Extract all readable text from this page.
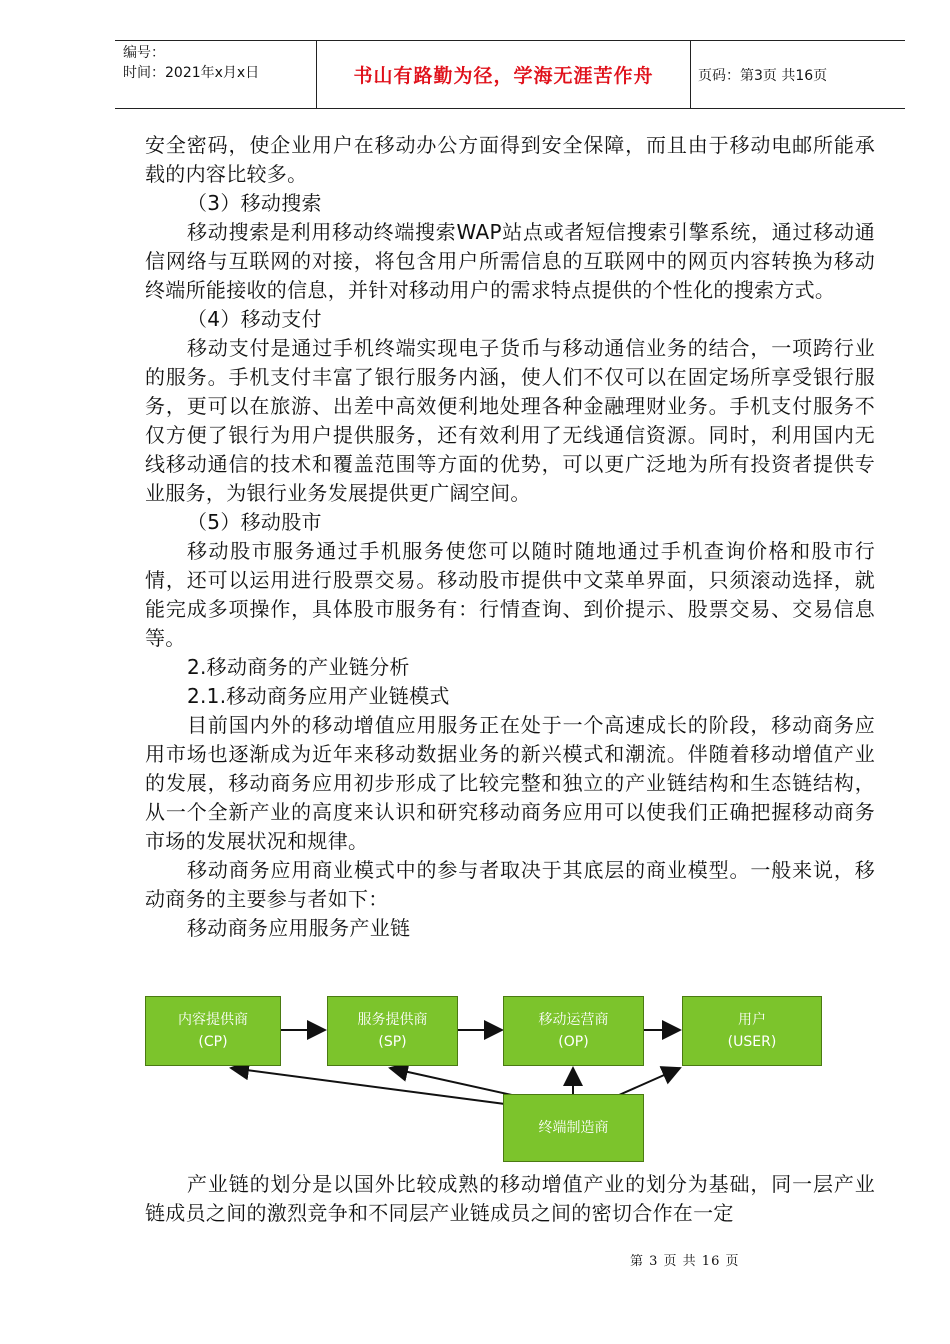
编号：
时间：2021年x月x日	书山有路勤为径，学海无涯苦作舟	页码：第3页 共16页

安全密码，使企业用户在移动办公方面得到安全保障，而且由于移动电邮所能承载的内容比较多。

（3）移动搜索

移动搜索是利用移动终端搜索WAP站点或者短信搜索引擎系统，通过移动通信网络与互联网的对接，将包含用户所需信息的互联网中的网页内容转换为移动终端所能接收的信息，并针对移动用户的需求特点提供的个性化的搜索方式。

（4）移动支付

移动支付是通过手机终端实现电子货币与移动通信业务的结合，一项跨行业的服务。手机支付丰富了银行服务内涵，使人们不仅可以在固定场所享受银行服务，更可以在旅游、出差中高效便利地处理各种金融理财业务。手机支付服务不仅方便了银行为用户提供服务，还有效利用了无线通信资源。同时，利用国内无线移动通信的技术和覆盖范围等方面的优势，可以更广泛地为所有投资者提供专业服务，为银行业务发展提供更广阔空间。

（5）移动股市

移动股市服务通过手机服务使您可以随时随地通过手机查询价格和股市行情，还可以运用进行股票交易。移动股市提供中文菜单界面，只须滚动选择，就能完成多项操作，具体股市服务有：行情查询、到价提示、股票交易、交易信息等。

2.移动商务的产业链分析

2.1.移动商务应用产业链模式

目前国内外的移动增值应用服务正在处于一个高速成长的阶段，移动商务应用市场也逐渐成为近年来移动数据业务的新兴模式和潮流。伴随着移动增值产业的发展，移动商务应用初步形成了比较完整和独立的产业链结构和生态链结构，从一个全新产业的高度来认识和研究移动商务应用可以使我们正确把握移动商务市场的发展状况和规律。

移动商务应用商业模式中的参与者取决于其底层的商业模型。一般来说，移动商务的主要参与者如下：

移动商务应用服务产业链

内容提供商
(CP)
服务提供商
(SP)
移动运营商
(OP)
用户
(USER)
终端制造商

产业链的划分是以国外比较成熟的移动增值产业的划分为基础，同一层产业链成员之间的激烈竞争和不同层产业链成员之间的密切合作在一定

第 3 页 共 16 页
